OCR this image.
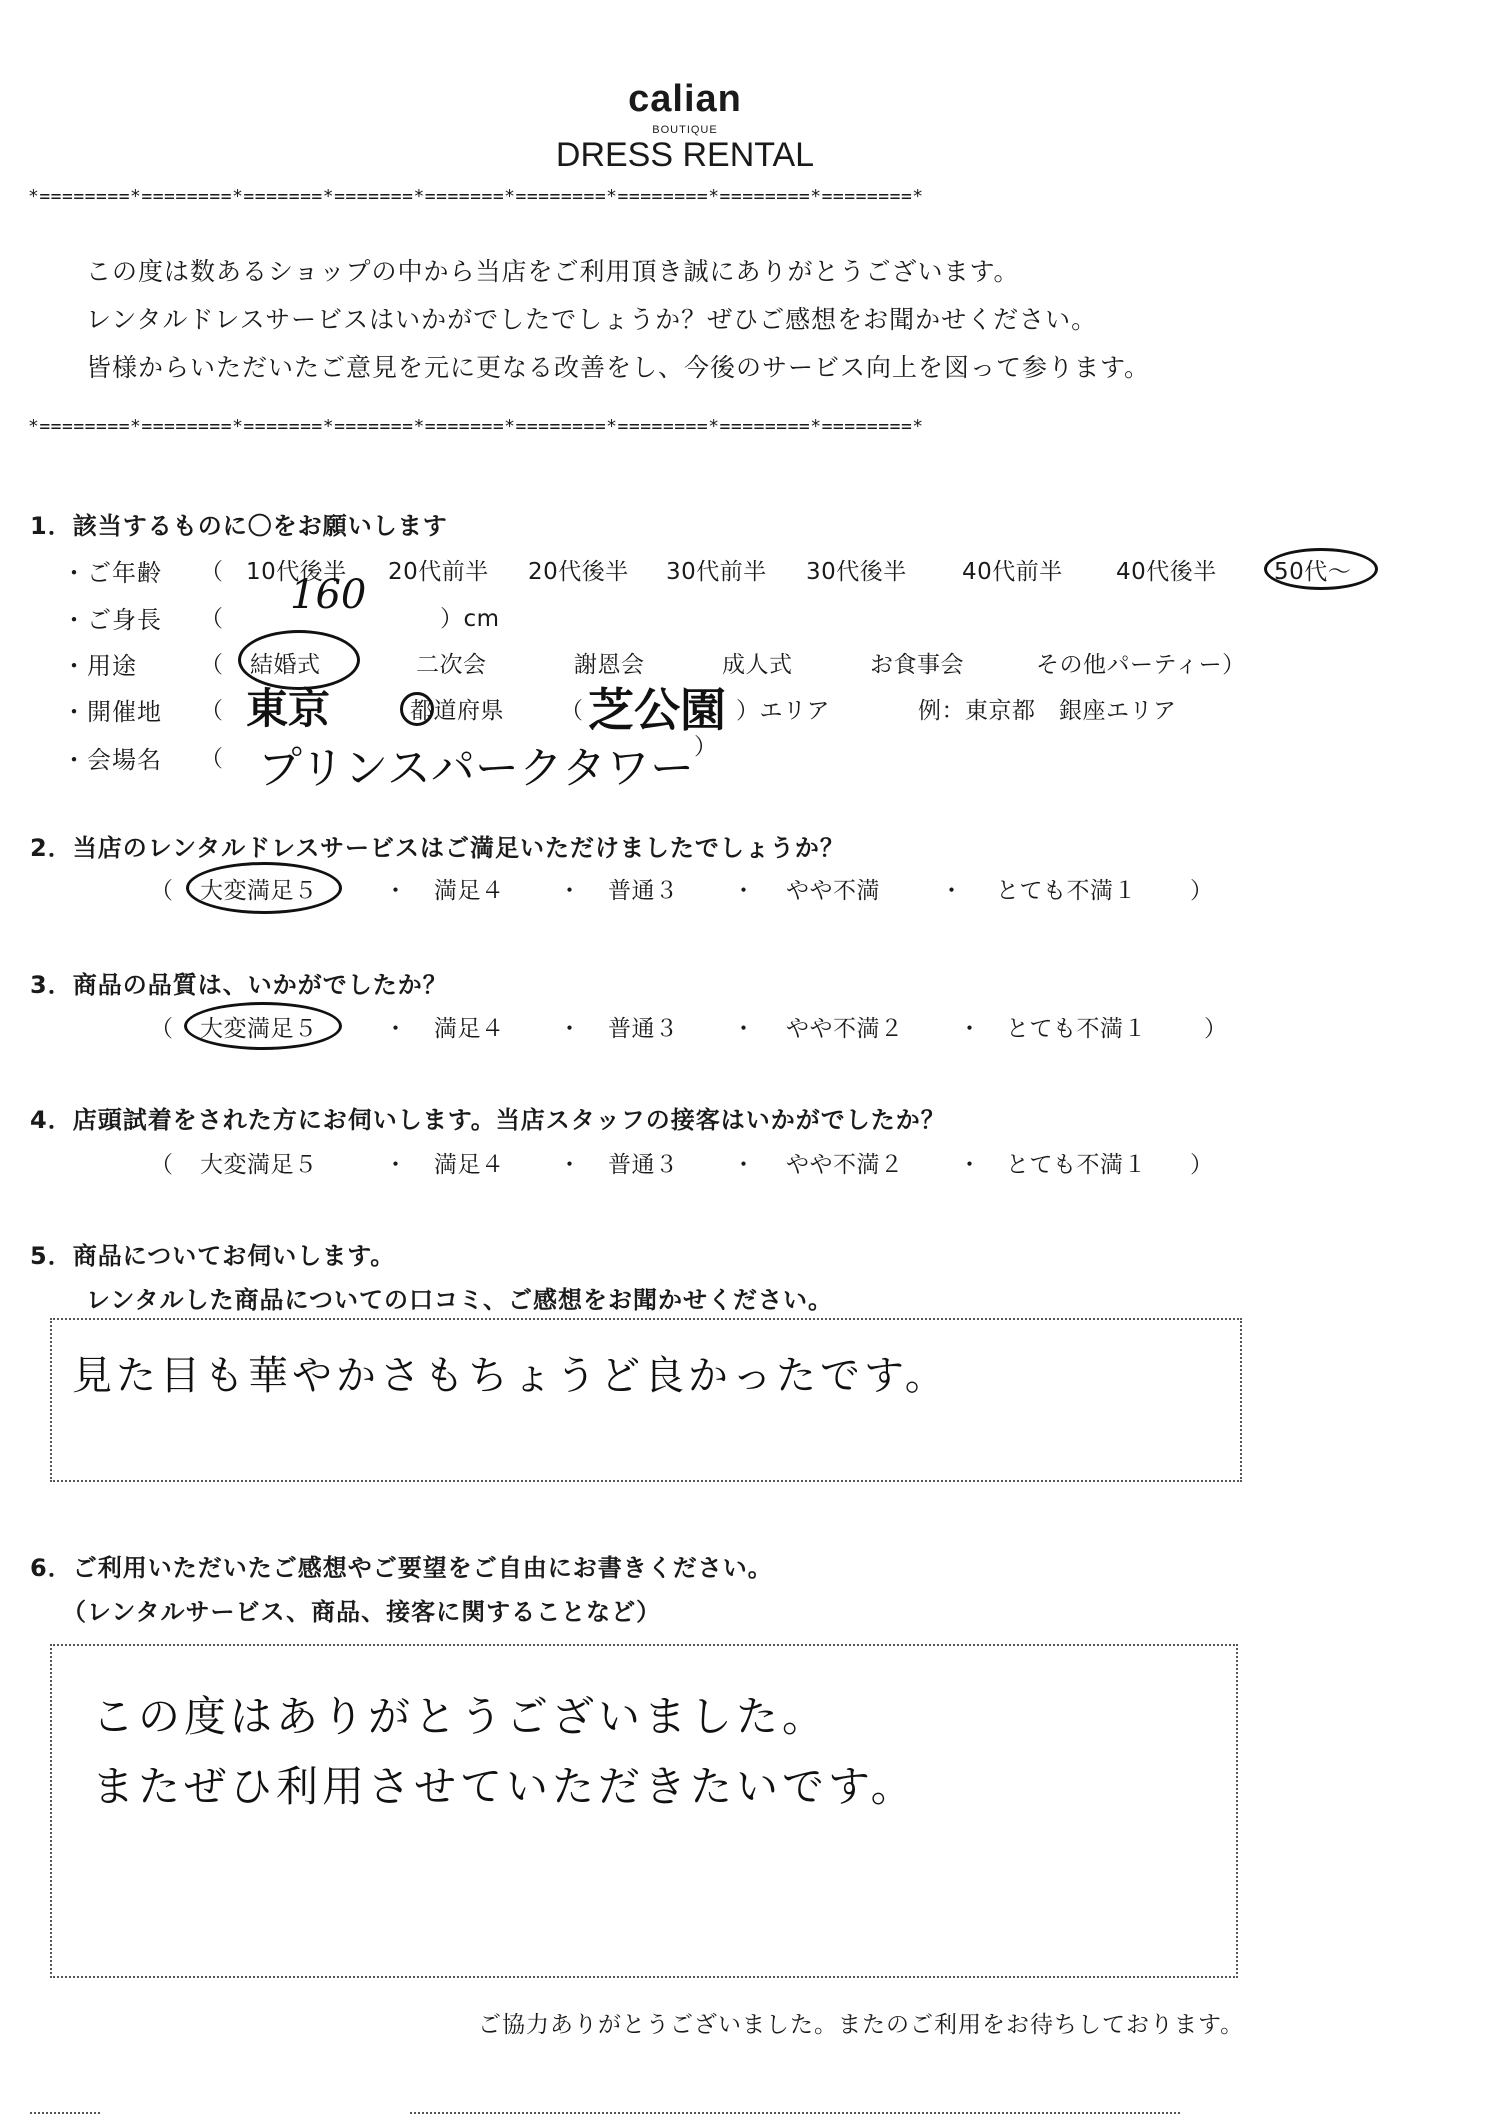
calian
BOUTIQUE
DRESS RENTAL
*========*========*=======*=======*=======*========*========*========*========*
この度は数あるショップの中から当店をご利用頂き誠にありがとうございます。
レンタルドレスサービスはいかがでしたでしょうか？ぜひご感想をお聞かせください。
皆様からいただいたご意見を元に更なる改善をし、今後のサービス向上を図って参ります。
*========*========*=======*=======*=======*========*========*========*========*
1．該当するものに〇をお願いします
・ご年齢 （ 10代後半 20代前半 20代後半 30代前半 30代後半 40代前半 40代後半 50代～
・ご身長 （
160
）cm
・用途	（ 結婚式	二次会	謝恩会	成人式	お食事会	その他パーティー）
・開催地 （ 東京	都道府県 （ 芝公園 ）エリア	例：東京都　銀座エリア
・会場名 （ プリンスパークタワー ）
2．当店のレンタルドレスサービスはご満足いただけましたでしょうか？
（ 大変満足５	・ 満足４ ・ 普通３ ・ やや不満	・ とても不満１ ）
3．商品の品質は、いかがでしたか？
（ 大変満足５	・ 満足４ ・ 普通３ ・ やや不満２ ・ とても不満１ ）
4．店頭試着をされた方にお伺いします。当店スタッフの接客はいかがでしたか？
（ 大変満足５	・ 満足４ ・ 普通３ ・ やや不満２ ・ とても不満１ ）
5．商品についてお伺いします。
レンタルした商品についての口コミ、ご感想をお聞かせください。
見た目も華やかさもちょうど良かったです。
6．ご利用いただいたご感想やご要望をご自由にお書きください。
（レンタルサービス、商品、接客に関することなど）
この度はありがとうございました。
またぜひ利用させていただきたいです。
ご協力ありがとうございました。またのご利用をお待ちしております。
